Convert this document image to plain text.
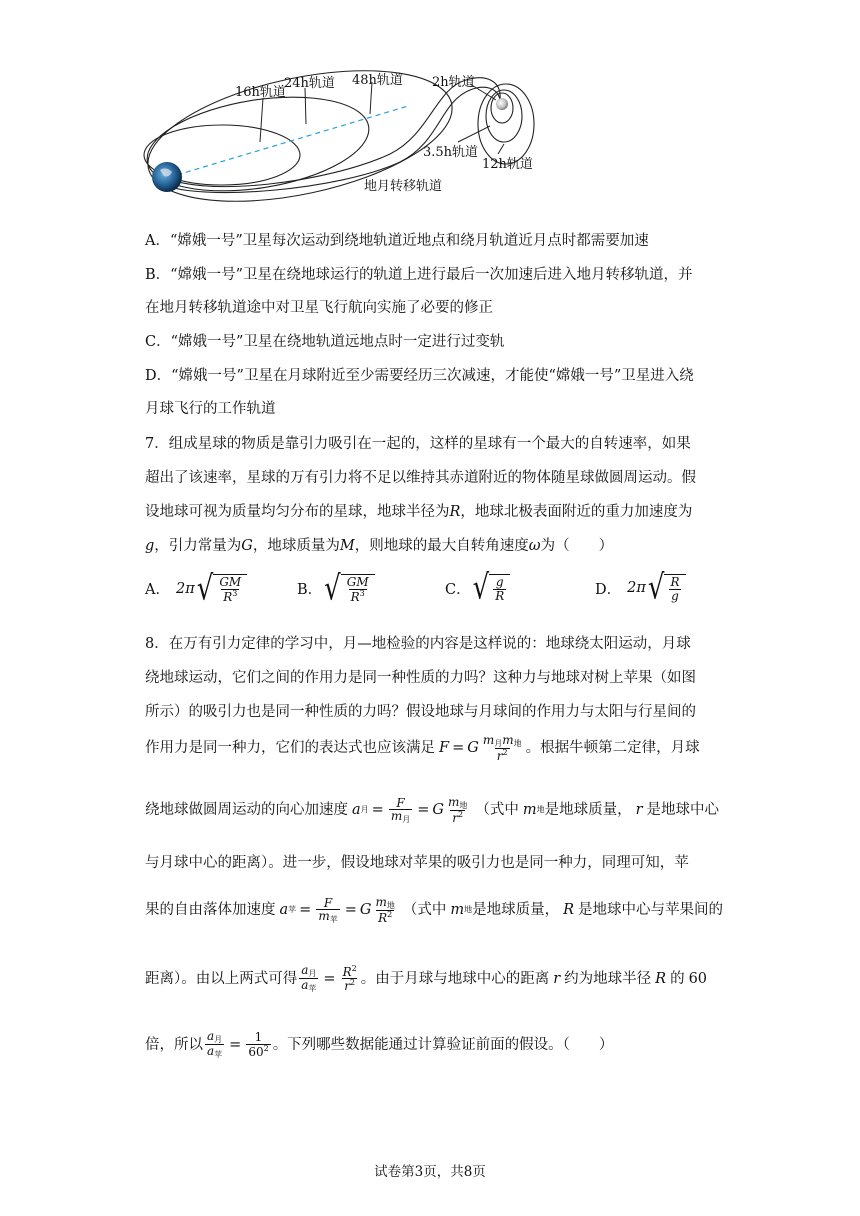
16h轨道
24h轨道 48h轨道 2h轨道
3.5h轨道
12h轨道
地月转移轨道
A．“嫦娥一号”卫星每次运动到绕地轨道近地点和绕月轨道近月点时都需要加速
B．“嫦娥一号”卫星在绕地球运行的轨道上进行最后一次加速后进入地月转移轨道，并
在地月转移轨道途中对卫星飞行航向实施了必要的修正
C．“嫦娥一号”卫星在绕地轨道远地点时一定进行过变轨
D．“嫦娥一号”卫星在月球附近至少需要经历三次减速，才能使“嫦娥一号”卫星进入绕
月球飞行的工作轨道
7．组成星球的物质是靠引力吸引在一起的，这样的星球有一个最大的自转速率，如果
超出了该速率，星球的万有引力将不足以维持其赤道附近的物体随星球做圆周运动。假
设地球可视为质量均匀分布的星球，地球半径为R，地球北极表面附近的重力加速度为
g，引力常量为G，地球质量为M，则地球的最大自转角速度ω为（　　）
A． 2π √ $\frac{GM}{R^3}$	B． √ $\frac{GM}{R^3}$	C． √ $\frac{g}{R}$	D． 2π √ $\frac{R}{g}$
8．在万有引力定律的学习中，月—地检验的内容是这样说的：地球绕太阳运动，月球
绕地球运动，它们之间的作用力是同一种性质的力吗？这种力与地球对树上苹果（如图
所示）的吸引力也是同一种性质的力吗？假设地球与月球间的作用力与太阳与行星间的
作用力是同一种力，它们的表达式也应该满足 F = G $\frac{m_月m_地}{r^2}$ 。根据牛顿第二定律，月球
绕地球做圆周运动的向心加速度 a 月 = $\frac{F}{m_月} = G \frac{m_地}{r^2}$ （式中 m 地 是地球质量， r 是地球中心
与月球中心的距离）。进一步，假设地球对苹果的吸引力也是同一种力，同理可知，苹
果的自由落体加速度 a 苹 = $\frac{F}{m_苹} = G \frac{m_地}{R^2}$ （式中 m 地 是地球质量， R 是地球中心与苹果间的
距离）。由以上两式可得 $\frac{a_月}{a_苹} = \frac{R^2}{r^2}$ 。由于月球与地球中心的距离 r 约为地球半径 R 的 60
倍，所以 $\frac{a_月}{a_苹} = \frac{1}{60^2}$ 。下列哪些数据能通过计算验证前面的假设。（　　）
试卷第3页，共8页
